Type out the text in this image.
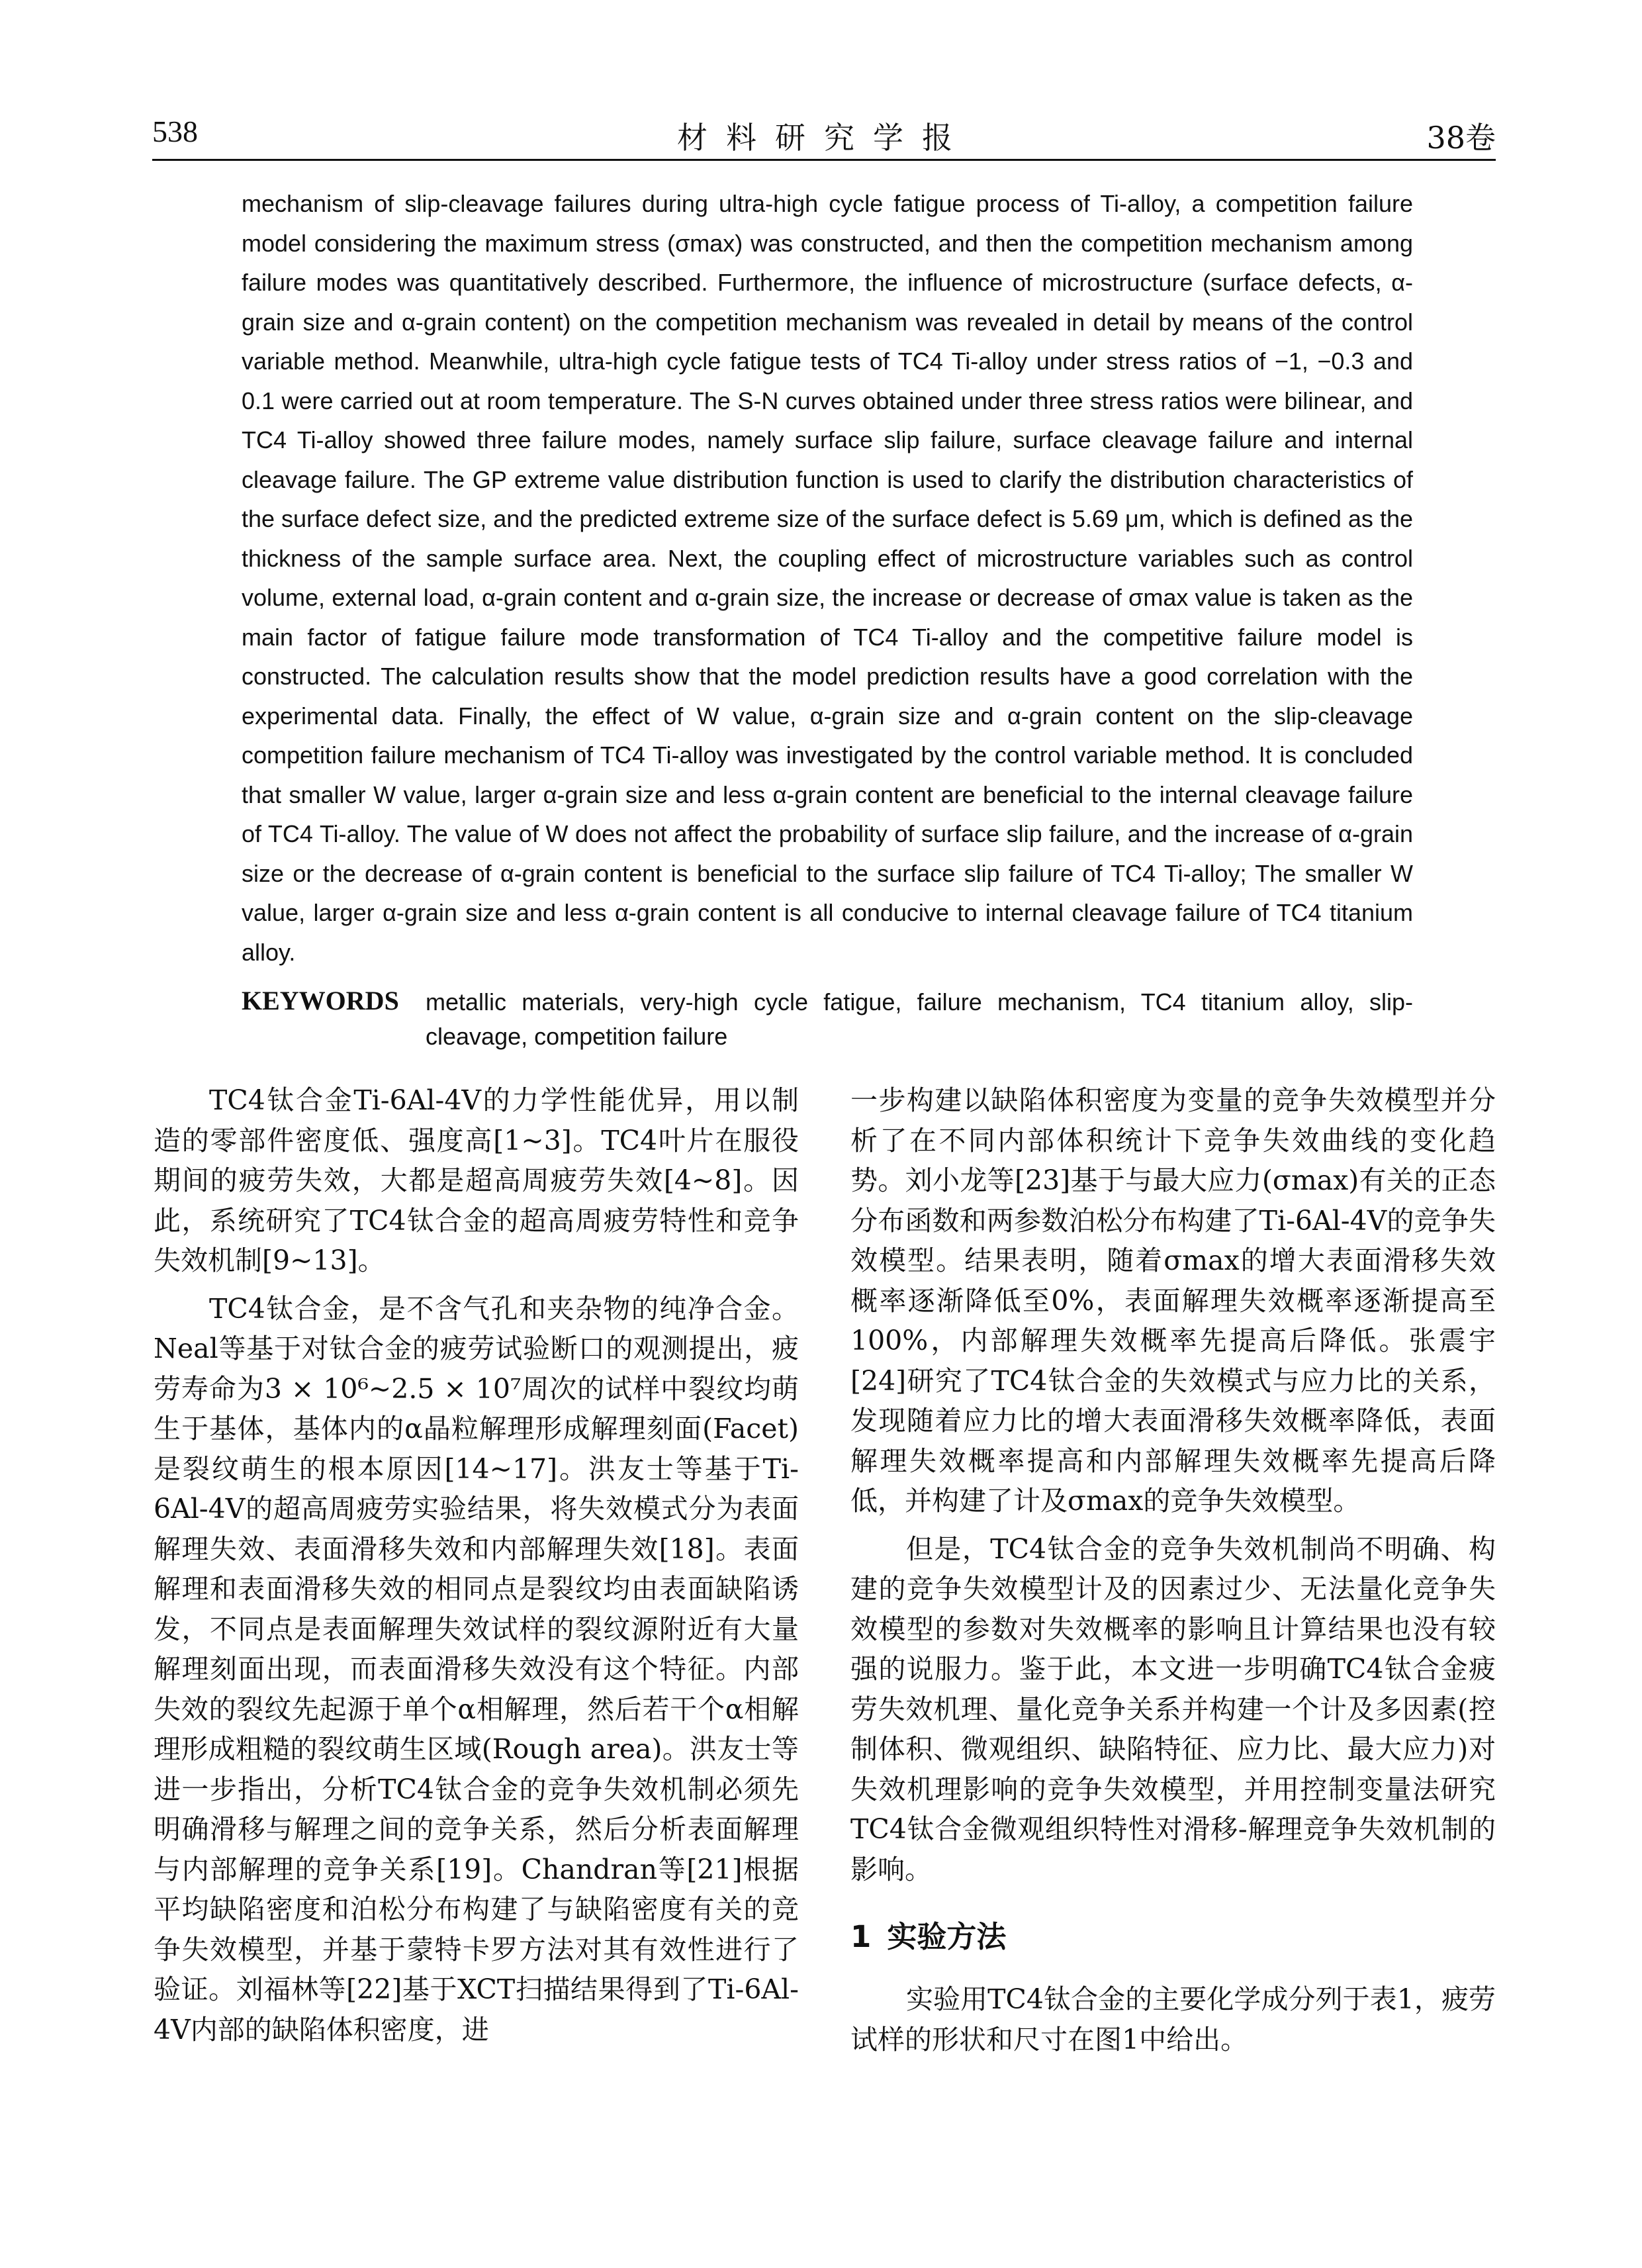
538	材料研究学报	38卷

mechanism of slip-cleavage failures during ultra-high cycle fatigue process of Ti-alloy, a competition failure model considering the maximum stress (σmax) was constructed, and then the competition mechanism among failure modes was quantitatively described. Furthermore, the influence of microstructure (surface defects, α-grain size and α-grain content) on the competition mechanism was revealed in detail by means of the control variable method. Meanwhile, ultra-high cycle fatigue tests of TC4 Ti-alloy under stress ratios of −1, −0.3 and 0.1 were carried out at room temperature. The S-N curves obtained under three stress ratios were bilinear, and TC4 Ti-alloy showed three failure modes, namely surface slip failure, surface cleavage failure and internal cleavage failure. The GP extreme value distribution function is used to clarify the distribution characteristics of the surface defect size, and the predicted extreme size of the surface defect is 5.69 μm, which is defined as the thickness of the sample surface area. Next, the coupling effect of microstructure variables such as control volume, external load, α-grain content and α-grain size, the increase or decrease of σmax value is taken as the main factor of fatigue failure mode transformation of TC4 Ti-alloy and the competitive failure model is constructed. The calculation results show that the model prediction results have a good correlation with the experimental data. Finally, the effect of W value, α-grain size and α-grain content on the slip-cleavage competition failure mechanism of TC4 Ti-alloy was investigated by the control variable method. It is concluded that smaller W value, larger α-grain size and less α-grain content are beneficial to the internal cleavage failure of TC4 Ti-alloy. The value of W does not affect the probability of surface slip failure, and the increase of α-grain size or the decrease of α-grain content is beneficial to the surface slip failure of TC4 Ti-alloy; The smaller W value, larger α-grain size and less α-grain content is all conducive to internal cleavage failure of TC4 titanium alloy.

KEYWORDS metallic materials, very-high cycle fatigue, failure mechanism, TC4 titanium alloy, slip-cleavage, competition failure

TC4钛合金Ti-6Al-4V的力学性能优异，用以制造的零部件密度低、强度高[1~3]。TC4叶片在服役期间的疲劳失效，大都是超高周疲劳失效[4~8]。因此，系统研究了TC4钛合金的超高周疲劳特性和竞争失效机制[9~13]。

TC4钛合金，是不含气孔和夹杂物的纯净合金。Neal等基于对钛合金的疲劳试验断口的观测提出，疲劳寿命为3 × 10⁶~2.5 × 10⁷周次的试样中裂纹均萌生于基体，基体内的α晶粒解理形成解理刻面(Facet)是裂纹萌生的根本原因[14~17]。洪友士等基于Ti-6Al-4V的超高周疲劳实验结果，将失效模式分为表面解理失效、表面滑移失效和内部解理失效[18]。表面解理和表面滑移失效的相同点是裂纹均由表面缺陷诱发，不同点是表面解理失效试样的裂纹源附近有大量解理刻面出现，而表面滑移失效没有这个特征。内部失效的裂纹先起源于单个α相解理，然后若干个α相解理形成粗糙的裂纹萌生区域(Rough area)。洪友士等进一步指出，分析TC4钛合金的竞争失效机制必须先明确滑移与解理之间的竞争关系，然后分析表面解理与内部解理的竞争关系[19]。Chandran等[21]根据平均缺陷密度和泊松分布构建了与缺陷密度有关的竞争失效模型，并基于蒙特卡罗方法对其有效性进行了验证。刘福林等[22]基于XCT扫描结果得到了Ti-6Al-4V内部的缺陷体积密度，进

一步构建以缺陷体积密度为变量的竞争失效模型并分析了在不同内部体积统计下竞争失效曲线的变化趋势。刘小龙等[23]基于与最大应力(σmax)有关的正态分布函数和两参数泊松分布构建了Ti-6Al-4V的竞争失效模型。结果表明，随着σmax的增大表面滑移失效概率逐渐降低至0%，表面解理失效概率逐渐提高至100%，内部解理失效概率先提高后降低。张震宇[24]研究了TC4钛合金的失效模式与应力比的关系，发现随着应力比的增大表面滑移失效概率降低，表面解理失效概率提高和内部解理失效概率先提高后降低，并构建了计及σmax的竞争失效模型。

但是，TC4钛合金的竞争失效机制尚不明确、构建的竞争失效模型计及的因素过少、无法量化竞争失效模型的参数对失效概率的影响且计算结果也没有较强的说服力。鉴于此，本文进一步明确TC4钛合金疲劳失效机理、量化竞争关系并构建一个计及多因素(控制体积、微观组织、缺陷特征、应力比、最大应力)对失效机理影响的竞争失效模型，并用控制变量法研究TC4钛合金微观组织特性对滑移-解理竞争失效机制的影响。

1 实验方法

实验用TC4钛合金的主要化学成分列于表1，疲劳试样的形状和尺寸在图1中给出。
